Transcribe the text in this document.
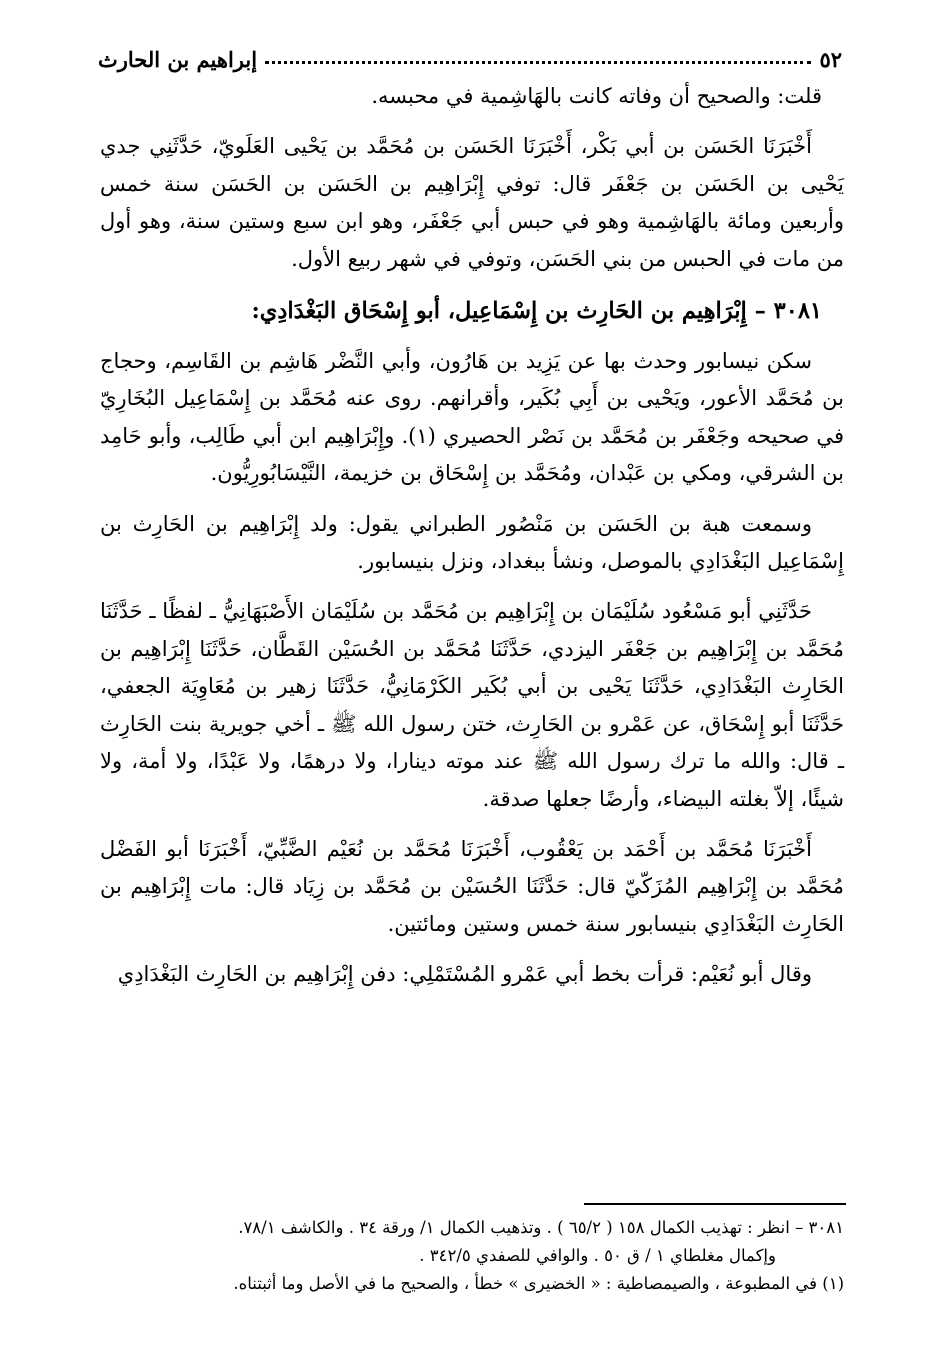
٥٢
إبراهيم بن الحارث

قلت: والصحيح أن وفاته كانت بالهَاشِمية في محبسه.

أَخْبَرَنَا الحَسَن بن أبي بَكْر، أَخْبَرَنَا الحَسَن بن مُحَمَّد بن يَحْيى العَلَويّ، حَدَّثَنِي جدي يَحْيى بن الحَسَن بن جَعْفَر قال: توفي إِبْرَاهِيم بن الحَسَن بن الحَسَن سنة خمس وأربعين ومائة بالهَاشِمية وهو في حبس أبي جَعْفَر، وهو ابن سبع وستين سنة، وهو أول من مات في الحبس من بني الحَسَن، وتوفي في شهر ربيع الأول.

٣٠٨١ – إِبْرَاهِيم بن الحَارِث بن إِسْمَاعِيل، أبو إِسْحَاق البَغْدَادِي:

سكن نيسابور وحدث بها عن يَزِيد بن هَارُون، وأبي النَّضْر هَاشِم بن القَاسِم، وحجاج بن مُحَمَّد الأعور، ويَحْيى بن أَبِي بُكَير، وأقرانهم. روى عنه مُحَمَّد بن إِسْمَاعِيل البُخَارِيّ في صحيحه وجَعْفَر بن مُحَمَّد بن نَصْر الحصيري (١). وإِبْرَاهِيم ابن أبي طَالِب، وأبو حَامِد بن الشرقي، ومكي بن عَبْدان، ومُحَمَّد بن إِسْحَاق بن خزيمة، النَّيْسَابُورِيُّون.

وسمعت هبة بن الحَسَن بن مَنْصُور الطبراني يقول: ولد إِبْرَاهِيم بن الحَارِث بن إِسْمَاعِيل البَغْدَادِي بالموصل، ونشأ ببغداد، ونزل بنيسابور.

حَدَّثَنِي أبو مَسْعُود سُلَيْمَان بن إِبْرَاهِيم بن مُحَمَّد بن سُلَيْمَان الأَصْبَهَانِيُّ ـ لفظًا ـ حَدَّثَنَا مُحَمَّد بن إِبْرَاهِيم بن جَعْفَر اليزدي، حَدَّثَنَا مُحَمَّد بن الحُسَيْن القَطَّان، حَدَّثَنَا إِبْرَاهِيم بن الحَارِث البَغْدَادِي، حَدَّثَنَا يَحْيى بن أبي بُكَير الكَرْمَانِيُّ، حَدَّثَنَا زهير بن مُعَاوِيَة الجعفي، حَدَّثَنَا أبو إِسْحَاق، عن عَمْرو بن الحَارِث، ختن رسول الله ﷺ ـ أخي جويرية بنت الحَارِث ـ قال: والله ما ترك رسول الله ﷺ عند موته دينارا، ولا درهمًا، ولا عَبْدًا، ولا أمة، ولا شيئًا، إلاّ بغلته البيضاء، وأرضًا جعلها صدقة.

أَخْبَرَنَا مُحَمَّد بن أَحْمَد بن يَعْقُوب، أَخْبَرَنَا مُحَمَّد بن نُعَيْم الضَّبِّيّ، أَخْبَرَنَا أبو الفَضْل مُحَمَّد بن إِبْرَاهِيم المُزَكّيّ قال: حَدَّثَنَا الحُسَيْن بن مُحَمَّد بن زِيَاد قال: مات إِبْرَاهِيم بن الحَارِث البَغْدَادِي بنيسابور سنة خمس وستين ومائتين.

وقال أبو نُعَيْم: قرأت بخط أبي عَمْرو المُسْتَمْلِي: دفن إِبْرَاهِيم بن الحَارِث البَغْدَادِي

٣٠٨١ – انظر : تهذيب الكمال ١٥٨ ( ٦٥/٢ ) . وتذهيب الكمال ١/ ورقة ٣٤ . والكاشف ٧٨/١.

وإكمال مغلطاي ١ / ق ٥٠ . والوافي للصفدي ٣٤٢/٥ .

(١) في المطبوعة ، والصيمصاطية : « الخضيرى » خطأ ، والصحيح ما في الأصل وما أثبتناه.
